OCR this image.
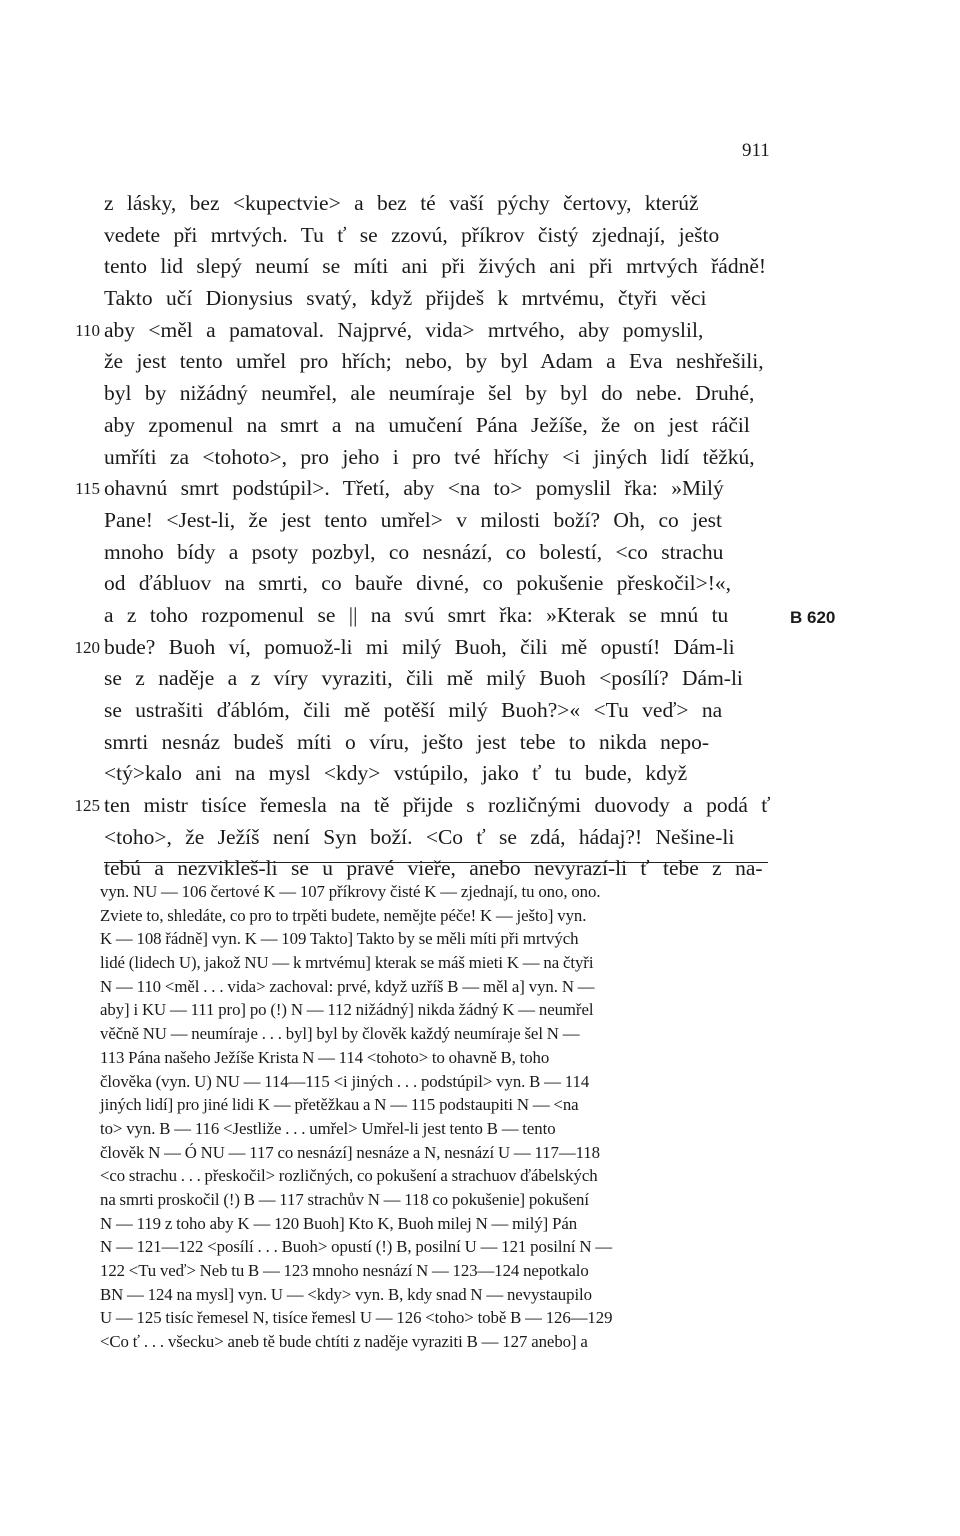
911
z lásky, bez <kupectvie> a bez té vaší pýchy čertovy, kterúž
vedete při mrtvých. Tu ť se zzovú, příkrov čistý zjednají, ješto
tento lid slepý neumí se míti ani při živých ani při mrtvých řádně!
Takto učí Dionysius svatý, když přijdeš k mrtvému, čtyři věci
110 aby <měl a pamatoval. Najprvé, vida> mrtvého, aby pomyslil,
že jest tento umřel pro hřích; nebo, by byl Adam a Eva neshřešili,
byl by nižádný neumřel, ale neumíraje šel by byl do nebe. Druhé,
aby zpomenul na smrt a na umučení Pána Ježíše, že on jest ráčil
umříti za <tohoto>, pro jeho i pro tvé hříchy <i jiných lidí těžkú,
115 ohavnú smrt podstúpil>. Třetí, aby <na to> pomyslil řka: »Milý
Pane! <Jest-li, že jest tento umřel> v milosti boží? Oh, co jest
mnoho bídy a psoty pozbyl, co nesnází, co bolestí, <co strachu
od ďábluov na smrti, co bauře divné, co pokušenie přeskočil>!«,
a z toho rozpomenul se || na svú smrt řka: »Kterak se mnú tu	B 620
120 bude? Buoh ví, pomuož-li mi milý Buoh, čili mě opustí! Dám-li
se z naděje a z víry vyraziti, čili mě milý Buoh <posílí? Dám-li
se ustrašiti ďáblóm, čili mě potěší milý Buoh?>« <Tu veď> na
smrti nesnáz budeš míti o víru, ješto jest tebe to nikda nepo-
<tý>kalo ani na mysl <kdy> vstúpilo, jako ť tu bude, když
125 ten mistr tisíce řemesla na tě přijde s rozličnými duovody a podá ť
<toho>, že Ježíš není Syn boží. <Co ť se zdá, hádaj?! Nešine-li
tebú a nezvikleš-li se u pravé vieře, anebo nevyrazí-li ť tebe z na-
vyn. NU — 106 čertové K — 107 příkrovy čisté K — zjednají, tu ono, ono.
Zviete to, shledáte, co pro to trpěti budete, nemějte péče! K — ješto] vyn.
K — 108 řádně] vyn. K — 109 Takto] Takto by se měli míti při mrtvých
lidé (lidech U), jakož NU — k mrtvému] kterak se máš mieti K — na čtyři
N — 110 <měl . . . vida> zachoval: prvé, když uzříš B — měl a] vyn. N —
aby] i KU — 111 pro] po (!) N — 112 nižádný] nikda žádný K — neumřel
věčně NU — neumíraje . . . byl] byl by člověk každý neumíraje šel N —
113 Pána našeho Ježíše Krista N — 114 <tohoto> to ohavně B, toho
člověka (vyn. U) NU — 114—115 <i jiných . . . podstúpil> vyn. B — 114
jiných lidí] pro jiné lidi K — přetěžkau a N — 115 podstaupiti N — <na
to> vyn. B — 116 <Jestliže . . . umřel> Umřel-li jest tento B — tento
člověk N — Ó NU — 117 co nesnází] nesnáze a N, nesnází U — 117—118
<co strachu . . . přeskočil> rozličných, co pokušení a strachuov ďábelských
na smrti proskočil (!) B — 117 strachův N — 118 co pokušenie] pokušení
N — 119 z toho aby K — 120 Buoh] Kto K, Buoh milej N — milý] Pán
N — 121—122 <posílí . . . Buoh> opustí (!) B, posilní U — 121 posilní N —
122 <Tu veď> Neb tu B — 123 mnoho nesnází N — 123—124 nepotkalo
BN — 124 na mysl] vyn. U — <kdy> vyn. B, kdy snad N — nevystaupilo
U — 125 tisíc řemesel N, tisíce řemesl U — 126 <toho> tobě B — 126—129
<Co ť . . . všecku> aneb tě bude chtíti z naděje vyraziti B — 127 anebo] a
